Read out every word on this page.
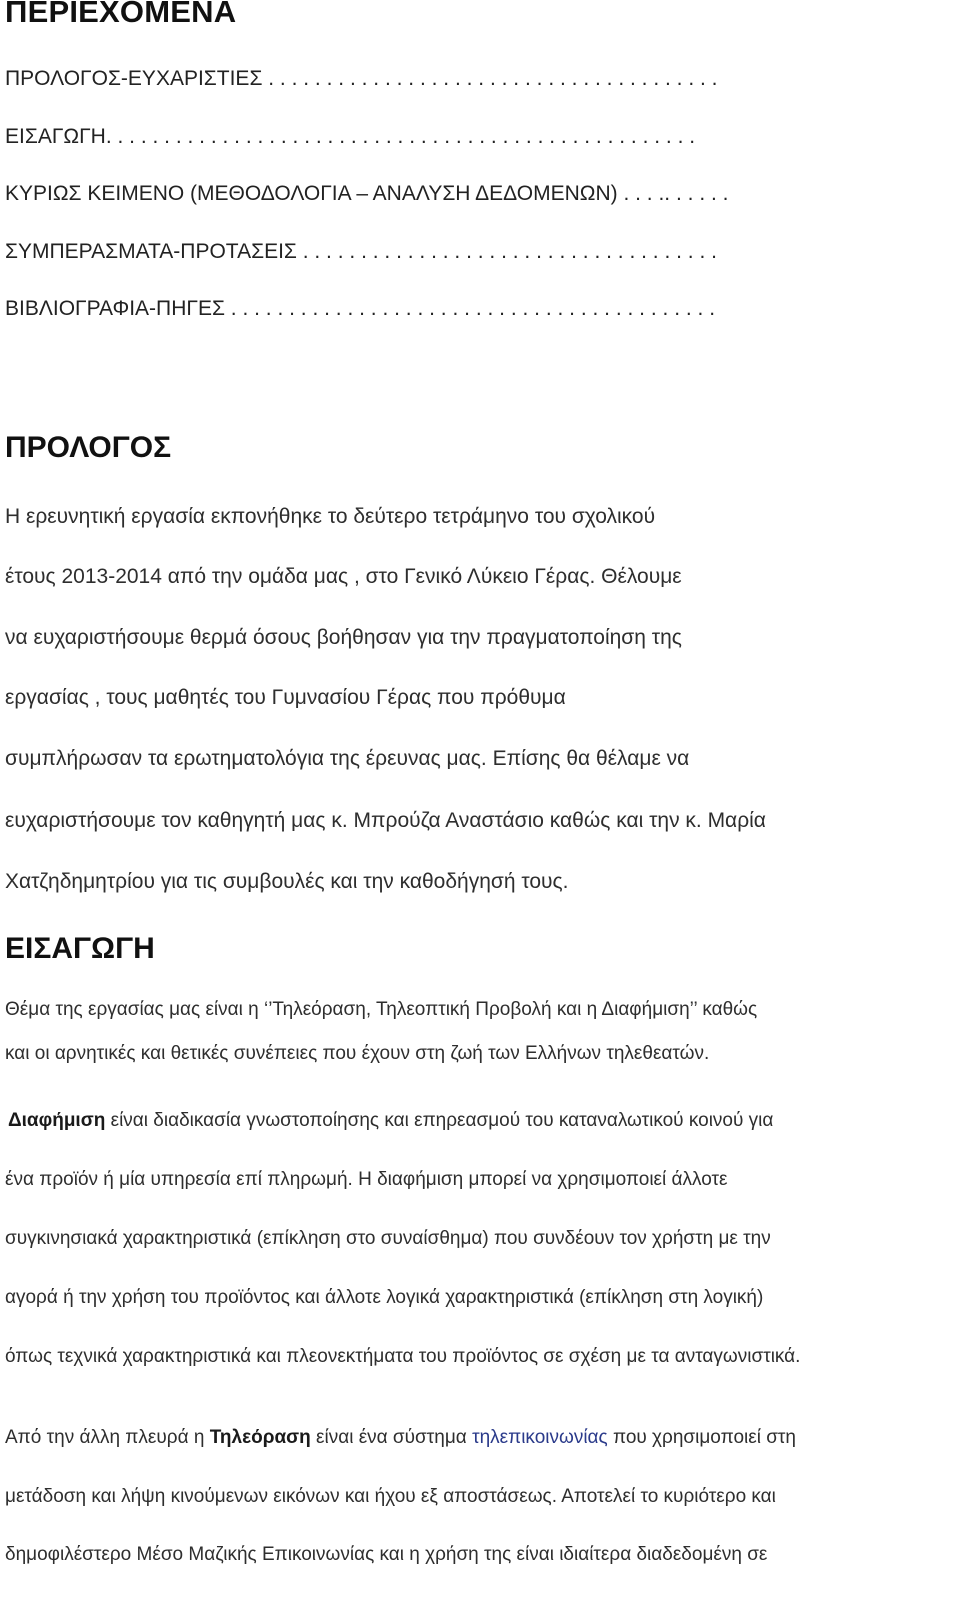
ΠΕΡΙΕΧΟΜΕΝΑ
ΠΡΟΛΟΓΟΣ-ΕΥΧΑΡΙΣΤΙΕΣ . . . . . . . . . . . . . . . . . . . . . . . . . . . . . . . . . . . . . . .
ΕΙΣΑΓΩΓΗ. . . . . . . . . . . . . . . . . . . . . . . . . . . . . . . . . . . . . . . . . . . . . . . . . . .
ΚΥΡΙΩΣ ΚΕΙΜΕΝΟ (ΜΕΘΟΔΟΛΟΓΙΑ – ΑΝΑΛΥΣΗ ΔΕΔΟΜΕΝΩΝ) . . . .. . . . . .
ΣΥΜΠΕΡΑΣΜΑΤΑ-ΠΡΟΤΑΣΕΙΣ . . . . . . . . . . . . . . . . . . . . . . . . . . . . . . . . . . . .
ΒΙΒΛΙΟΓΡΑΦΙΑ-ΠΗΓΕΣ . . . . . . . . . . . . . . . . . . . . . . . . . . . . . . . . . . . . . . . . . .
ΠΡΟΛΟΓΟΣ
Η ερευνητική εργασία εκπονήθηκε το δεύτερο τετράμηνο του σχολικού
έτους 2013-2014 από την ομάδα μας , στο Γενικό Λύκειο Γέρας. Θέλουμε
να ευχαριστήσουμε θερμά όσους βοήθησαν για την πραγματοποίηση της
εργασίας , τους μαθητές του Γυμνασίου Γέρας που πρόθυμα
συμπλήρωσαν τα ερωτηματολόγια της έρευνας μας. Επίσης θα θέλαμε να
ευχαριστήσουμε τον καθηγητή μας κ. Μπρούζα Αναστάσιο καθώς και την κ. Μαρία
Χατζηδημητρίου για τις συμβουλές και την καθοδήγησή τους.
ΕΙΣΑΓΩΓΗ
Θέμα της εργασίας μας είναι η ‘’Τηλεόραση, Τηλεοπτική Προβολή και η Διαφήμιση’’ καθώς
και οι αρνητικές και θετικές συνέπειες που έχουν στη ζωή των Ελλήνων τηλεθεατών.
Διαφήμιση είναι διαδικασία γνωστοποίησης και επηρεασμού του καταναλωτικού κοινού για
ένα προϊόν ή μία υπηρεσία επί πληρωμή. Η διαφήμιση μπορεί να χρησιμοποιεί άλλοτε
συγκινησιακά χαρακτηριστικά (επίκληση στο συναίσθημα) που συνδέουν τον χρήστη με την
αγορά ή την χρήση του προϊόντος και άλλοτε λογικά χαρακτηριστικά (επίκληση στη λογική)
όπως τεχνικά χαρακτηριστικά και πλεονεκτήματα του προϊόντος σε σχέση με τα ανταγωνιστικά.
Από την άλλη πλευρά η Τηλεόραση είναι ένα σύστημα τηλεπικοινωνίας που χρησιμοποιεί στη
μετάδοση και λήψη κινούμενων εικόνων και ήχου εξ αποστάσεως. Αποτελεί το κυριότερο και
δημοφιλέστερο Μέσο Μαζικής Επικοινωνίας και η χρήση της είναι ιδιαίτερα διαδεδομένη σε
